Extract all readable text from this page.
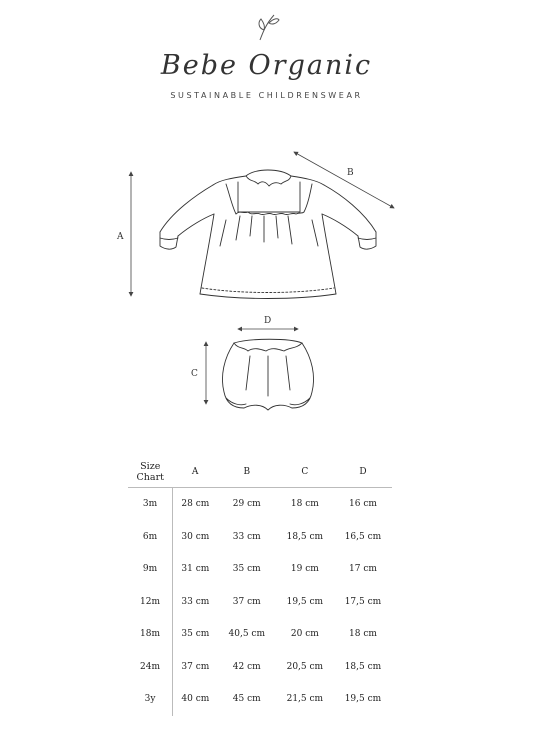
Bebe Organic
SUSTAINABLE CHILDRENSWEAR
A
B
D
C
Size
Chart	A	B	C	D
3m	28 cm	29 cm	18 cm	16 cm
6m	30 cm	33 cm	18,5 cm	16,5 cm
9m	31 cm	35 cm	19 cm	17 cm
12m	33 cm	37 cm	19,5 cm	17,5 cm
18m	35 cm	40,5 cm	20 cm	18 cm
24m	37 cm	42 cm	20,5 cm	18,5 cm
3y	40 cm	45 cm	21,5 cm	19,5 cm
